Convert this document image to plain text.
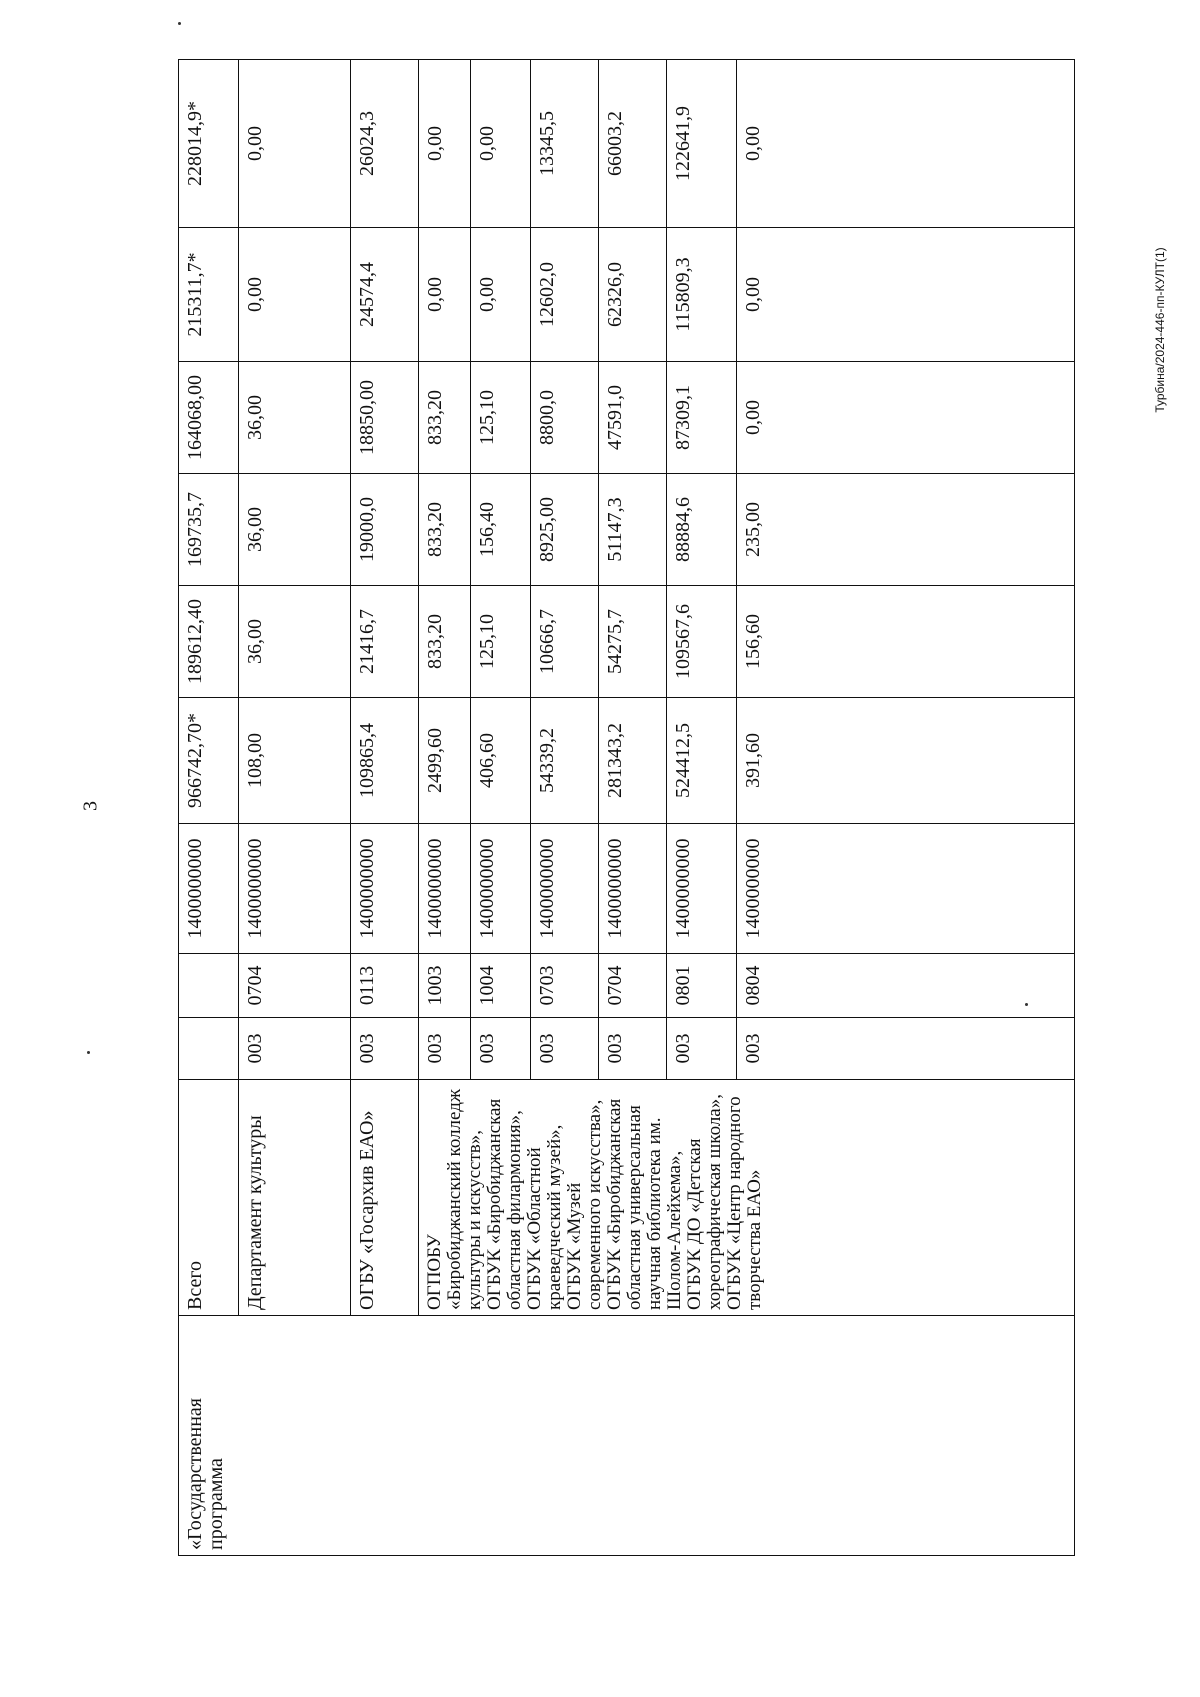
3
Турбина/2024-446-пп-КУЛТ(1)
«Государственная программа	Всего			1400000000	966742,70*	189612,40	169735,7	164068,00	215311,7*	228014,9*
	Департамент культуры	003	0704	1400000000	108,00	36,00	36,00	36,00	0,00	0,00
	ОГБУ «Госархив ЕАО»	003	0113	1400000000	109865,4	21416,7	19000,0	18850,00	24574,4	26024,3
	ОГПОБУ «Биробиджанский колледж культуры и искусств», ОГБУК «Биробиджанская областная филармония», ОГБУК «Областной краеведческий музей», ОГБУК «Музей современного искусства», ОГБУК «Биробиджанская областная универсальная научная библиотека им. Шолом-Алейхема», ОГБУК ДО «Детская хореографическая школа», ОГБУК «Центр народного творчества ЕАО»	003	1003	1400000000	2499,60	833,20	833,20	833,20	0,00	0,00
		003	1004	1400000000	406,60	125,10	156,40	125,10	0,00	0,00
		003	0703	1400000000	54339,2	10666,7	8925,00	8800,0	12602,0	13345,5
		003	0704	1400000000	281343,2	54275,7	51147,3	47591,0	62326,0	66003,2
		003	0801	1400000000	524412,5	109567,6	88884,6	87309,1	115809,3	122641,9
		003	0804	1400000000	391,60	156,60	235,00	0,00	0,00	0,00
